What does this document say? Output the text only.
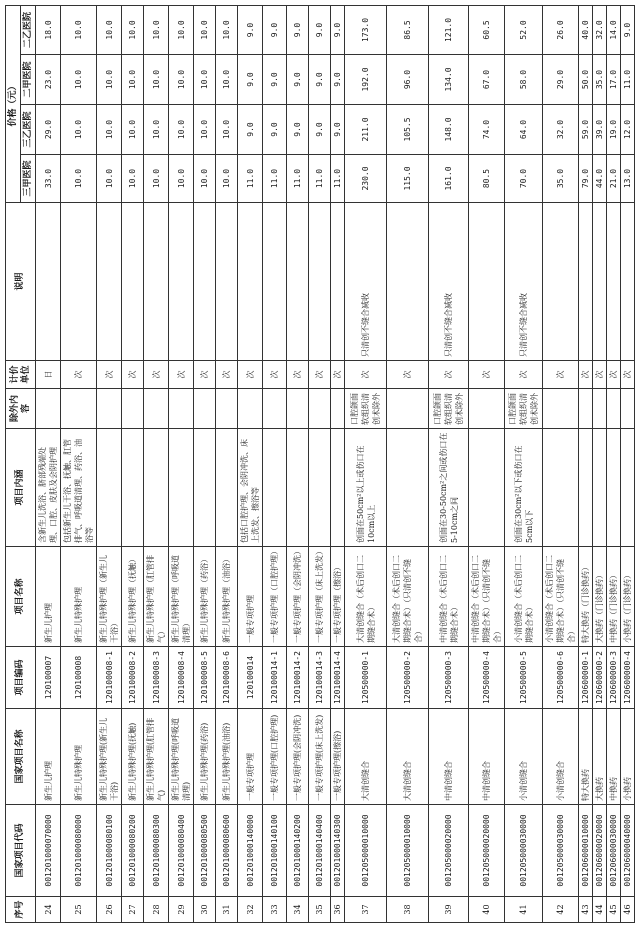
序号	国家项目代码	国家项目名称	项目编码	项目名称	项目内涵	除外内容	计价单位	说明	价格（元）			
									三甲医院	三乙医院	二甲医院	二乙医院
24	001201000070000	新生儿护理	120100007	新生儿护理	含新生儿洗浴、脐部残端处理、口腔、皮肤及会阴护理		日		33.0	29.0	23.0	18.0
25	001201000080000	新生儿特殊护理	120100008	新生儿特殊护理	包括新生儿干浴、抚触、肛管排气、呼吸道清理、药浴、油浴等		次		10.0	10.0	10.0	10.0
26	001201000080100	新生儿特殊护理(新生儿干浴)	120100008-1	新生儿特殊护理（新生儿干浴）			次		10.0	10.0	10.0	10.0
27	001201000080200	新生儿特殊护理(抚触)	120100008-2	新生儿特殊护理（抚触）			次		10.0	10.0	10.0	10.0
28	001201000080300	新生儿特殊护理(肛管排气)	120100008-3	新生儿特殊护理（肛管排气）			次		10.0	10.0	10.0	10.0
29	001201000080400	新生儿特殊护理(呼吸道清理)	120100008-4	新生儿特殊护理（呼吸道清理）			次		10.0	10.0	10.0	10.0
30	001201000080500	新生儿特殊护理(药浴)	120100008-5	新生儿特殊护理（药浴）			次		10.0	10.0	10.0	10.0
31	001201000080600	新生儿特殊护理(油浴)	120100008-6	新生儿特殊护理（油浴）			次		10.0	10.0	10.0	10.0
32	001201000140000	一般专项护理	120100014	一般专项护理	包括口腔护理、会阴冲洗、床上洗发、擦浴等		次		11.0	9.0	9.0	9.0
33	001201000140100	一般专项护理(口腔护理)	120100014-1	一般专项护理（口腔护理）			次		11.0	9.0	9.0	9.0
34	001201000140200	一般专项护理(会阴冲洗)	120100014-2	一般专项护理（会阴冲洗）			次		11.0	9.0	9.0	9.0
35	001201000140400	一般专项护理(床上洗发)	120100014-3	一般专项护理（床上洗发）			次		11.0	9.0	9.0	9.0
36	001201000140300	一般专项护理(擦浴)	120100014-4	一般专项护理（擦浴）			次		11.0	9.0	9.0	9.0
37	001205000010000	大清创缝合	120500000-1	大清创缝合（术后创口二期缝合术）	创面在50cm²以上或伤口在10cm以上	口腔颌面软组织清创术除外	次	只清创不缝合减收	230.0	211.0	192.0	173.0
38	001205000010000	大清创缝合	120500000-2	大清创缝合（术后创口二期缝合术）（只清创不缝合）			次		115.0	105.5	96.0	86.5
39	001205000020000	中清创缝合	120500000-3	中清创缝合（术后创口二期缝合术）	创面在30-50cm²之间或伤口在5-10cm之间	口腔颌面软组织清创术除外	次	只清创不缝合减收	161.0	148.0	134.0	121.0
40	001205000020000	中清创缝合	120500000-4	中清创缝合（术后创口二期缝合术）（只清创不缝合）			次		80.5	74.0	67.0	60.5
41	001205000030000	小清创缝合	120500000-5	小清创缝合（术后创口二期缝合术）	创面在30cm²以下或伤口在5cm以下	口腔颌面软组织清创术除外	次	只清创不缝合减收	70.0	64.0	58.0	52.0
42	001205000030000	小清创缝合	120500000-6	小清创缝合（术后创口二期缝合术）（只清创不缝合）			次		35.0	32.0	29.0	26.0
43	001206000010000	特大换药	120600000-1	特大换药（门诊换药）			次		79.0	59.0	50.0	40.0
44	001206000020000	大换药	120600000-2	大换药（门诊换药）			次		44.0	39.0	35.0	32.0
45	001206000030000	中换药	120600000-3	中换药（门诊换药）			次		21.0	19.0	17.0	14.0
46	001206000040000	小换药	120600000-4	小换药（门诊换药）			次		13.0	12.0	11.0	9.0
